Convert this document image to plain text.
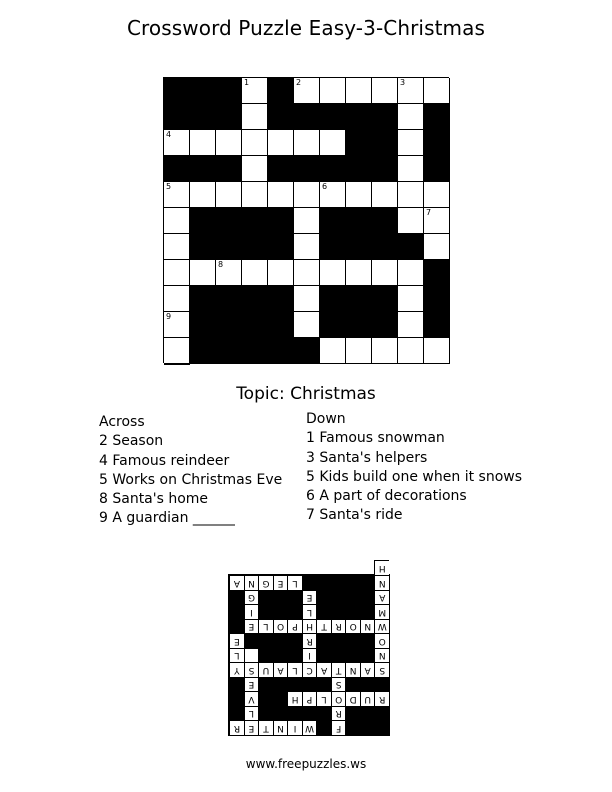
Crossword Puzzle Easy-3-Christmas
1	2	3
4
5	6
7
8
9
Topic: Christmas
Across
2 Season
4 Famous reindeer
5 Works on Christmas Eve
8 Santa's home
9 A guardian ______
Down
1 Famous snowman
3 Santa's helpers
5 Kids build one when it snows
6 A part of decorations
7 Santa's ride
F
W
I
N
T
E
R
R
L
R
U
D
O
L
P
H
V
S
E
S
A
N
T
A
C
L
A
U
S
Y
N
I
L
O
R
E
W
N
O
R
T
H
P
O
L
E
M
L
I
A
E
G
N
L
E
G
N
A
H
www.freepuzzles.ws
